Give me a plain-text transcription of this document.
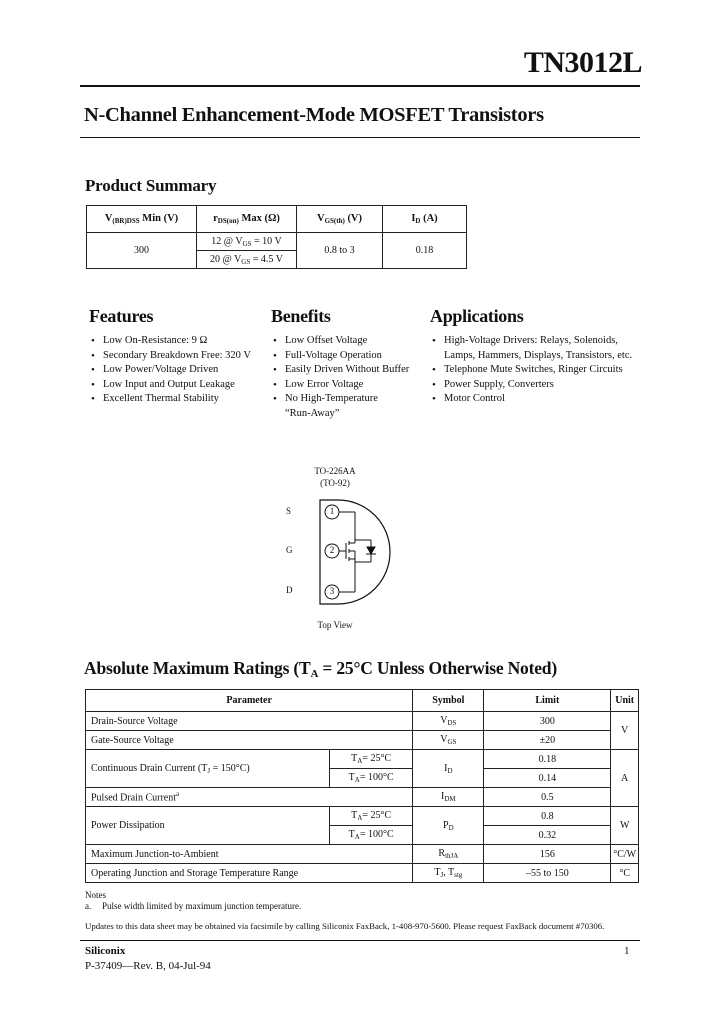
TN3012L
N-Channel Enhancement-Mode MOSFET Transistors
Product Summary
$V_{(BR)DSS}$ Min (V)	$r_{DS(on)}$ Max (Ω)	$V_{GS(th)}$ (V)	$I_D$ (A)
300	12 @ $V_{GS} = 10$ V	0.8 to 3	0.18
	20 @ $V_{GS} = 4.5$ V		
Features
• Low On-Resistance: 9 Ω
• Secondary Breakdown Free: 320 V
• Low Power/Voltage Driven
• Low Input and Output Leakage
• Excellent Thermal Stability
Benefits
• Low Offset Voltage
• Full-Voltage Operation
• Easily Driven Without Buffer
• Low Error Voltage
• No High-Temperature “Run-Away”
Applications
• High-Voltage Drivers: Relays, Solenoids, Lamps, Hammers, Displays, Transistors, etc.
• Telephone Mute Switches, Ringer Circuits
• Power Supply, Converters
• Motor Control
TO-226AA
(TO-92)
S
G
D
1
2
3
Top View
Absolute Maximum Ratings (TA = 25°C Unless Otherwise Noted)
Parameter		Symbol	Limit	Unit
Drain-Source Voltage		$V_{DS}$	300	V
Gate-Source Voltage		$V_{GS}$	±20	
Continuous Drain Current $(T_J = 150^\circ C)$	$T_A= 25^\circ C$	$I_D$	0.18	A
	$T_A= 100^\circ C$		0.14	
Pulsed Drain Current$^a$		$I_{DM}$	0.5	
Power Dissipation	$T_A= 25^\circ C$	$P_D$	0.8	W
	$T_A= 100^\circ C$		0.32	
Maximum Junction-to-Ambient		$R_{thJA}$	156	°C/W
Operating Junction and Storage Temperature Range		$T_J$, $T_{stg}$	–55 to 150	°C
Notes
a. Pulse width limited by maximum junction temperature.
Updates to this data sheet may be obtained via facsimile by calling Siliconix FaxBack, 1-408-970-5600. Please request FaxBack document #70306.
Siliconix
P-37409—Rev. B, 04-Jul-94
1
